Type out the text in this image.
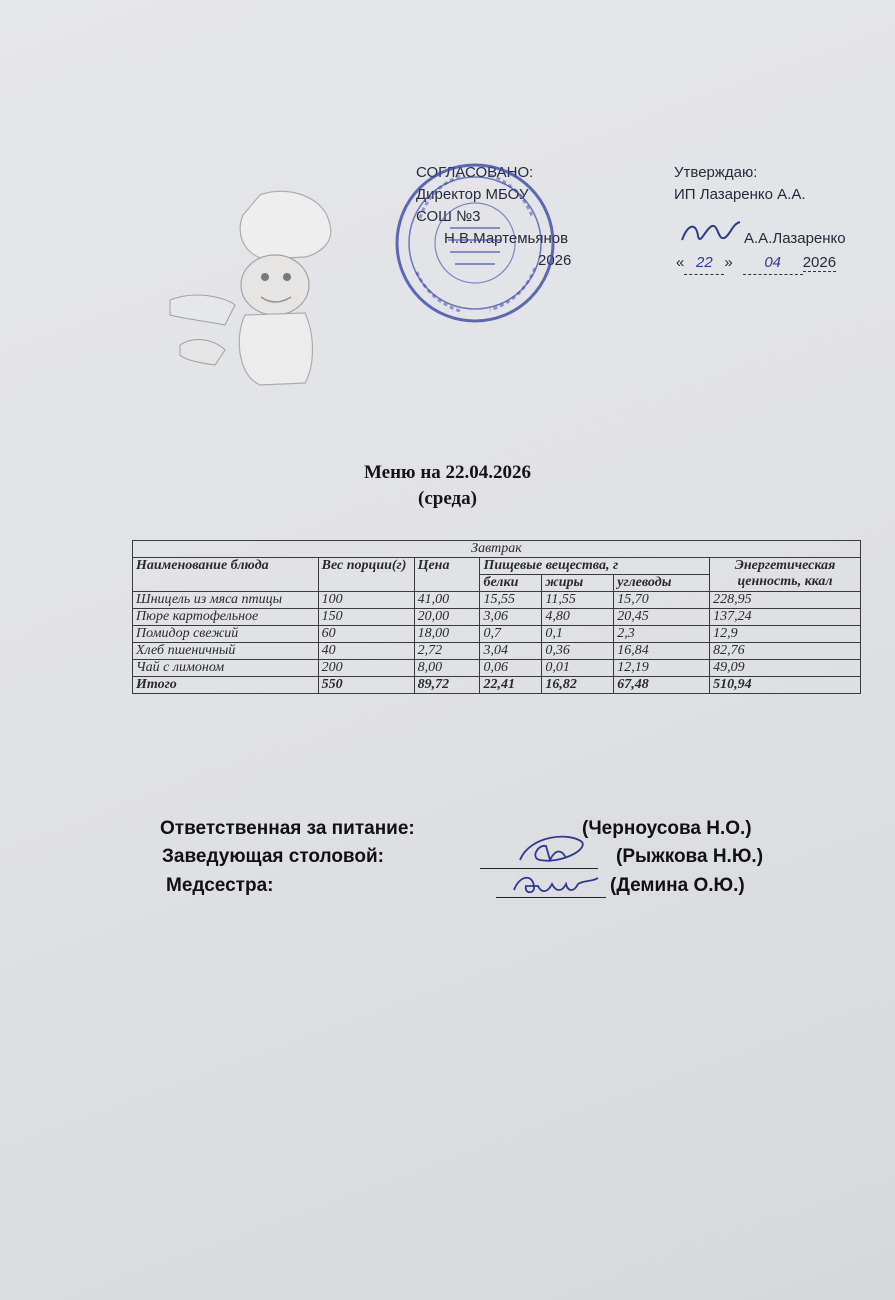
СОГЛАСОВАНО:
Директор МБОУ
СОШ №3
Н.В.Мартемьянов
2026
Утверждаю:
ИП Лазаренко А.А.
А.А.Лазаренко
« 22 » 04 2026
Меню на 22.04.2026
(среда)
Завтрак						
Наименование блюда	Вес порции(г)	Цена	Пищевые вещества, г			Энергетическая ценность, ккал
			белки	жиры	углеводы	
Шницель из мяса птицы	100	41,00	15,55	11,55	15,70	228,95
Пюре картофельное	150	20,00	3,06	4,80	20,45	137,24
Помидор свежий	60	18,00	0,7	0,1	2,3	12,9
Хлеб пшеничный	40	2,72	3,04	0,36	16,84	82,76
Чай с лимоном	200	8,00	0,06	0,01	12,19	49,09
Итого	550	89,72	22,41	16,82	67,48	510,94
Ответственная за питание:	(Черноусова Н.О.)
Заведующая столовой:	(Рыжкова Н.Ю.)
Медсестра:	(Демина О.Ю.)
